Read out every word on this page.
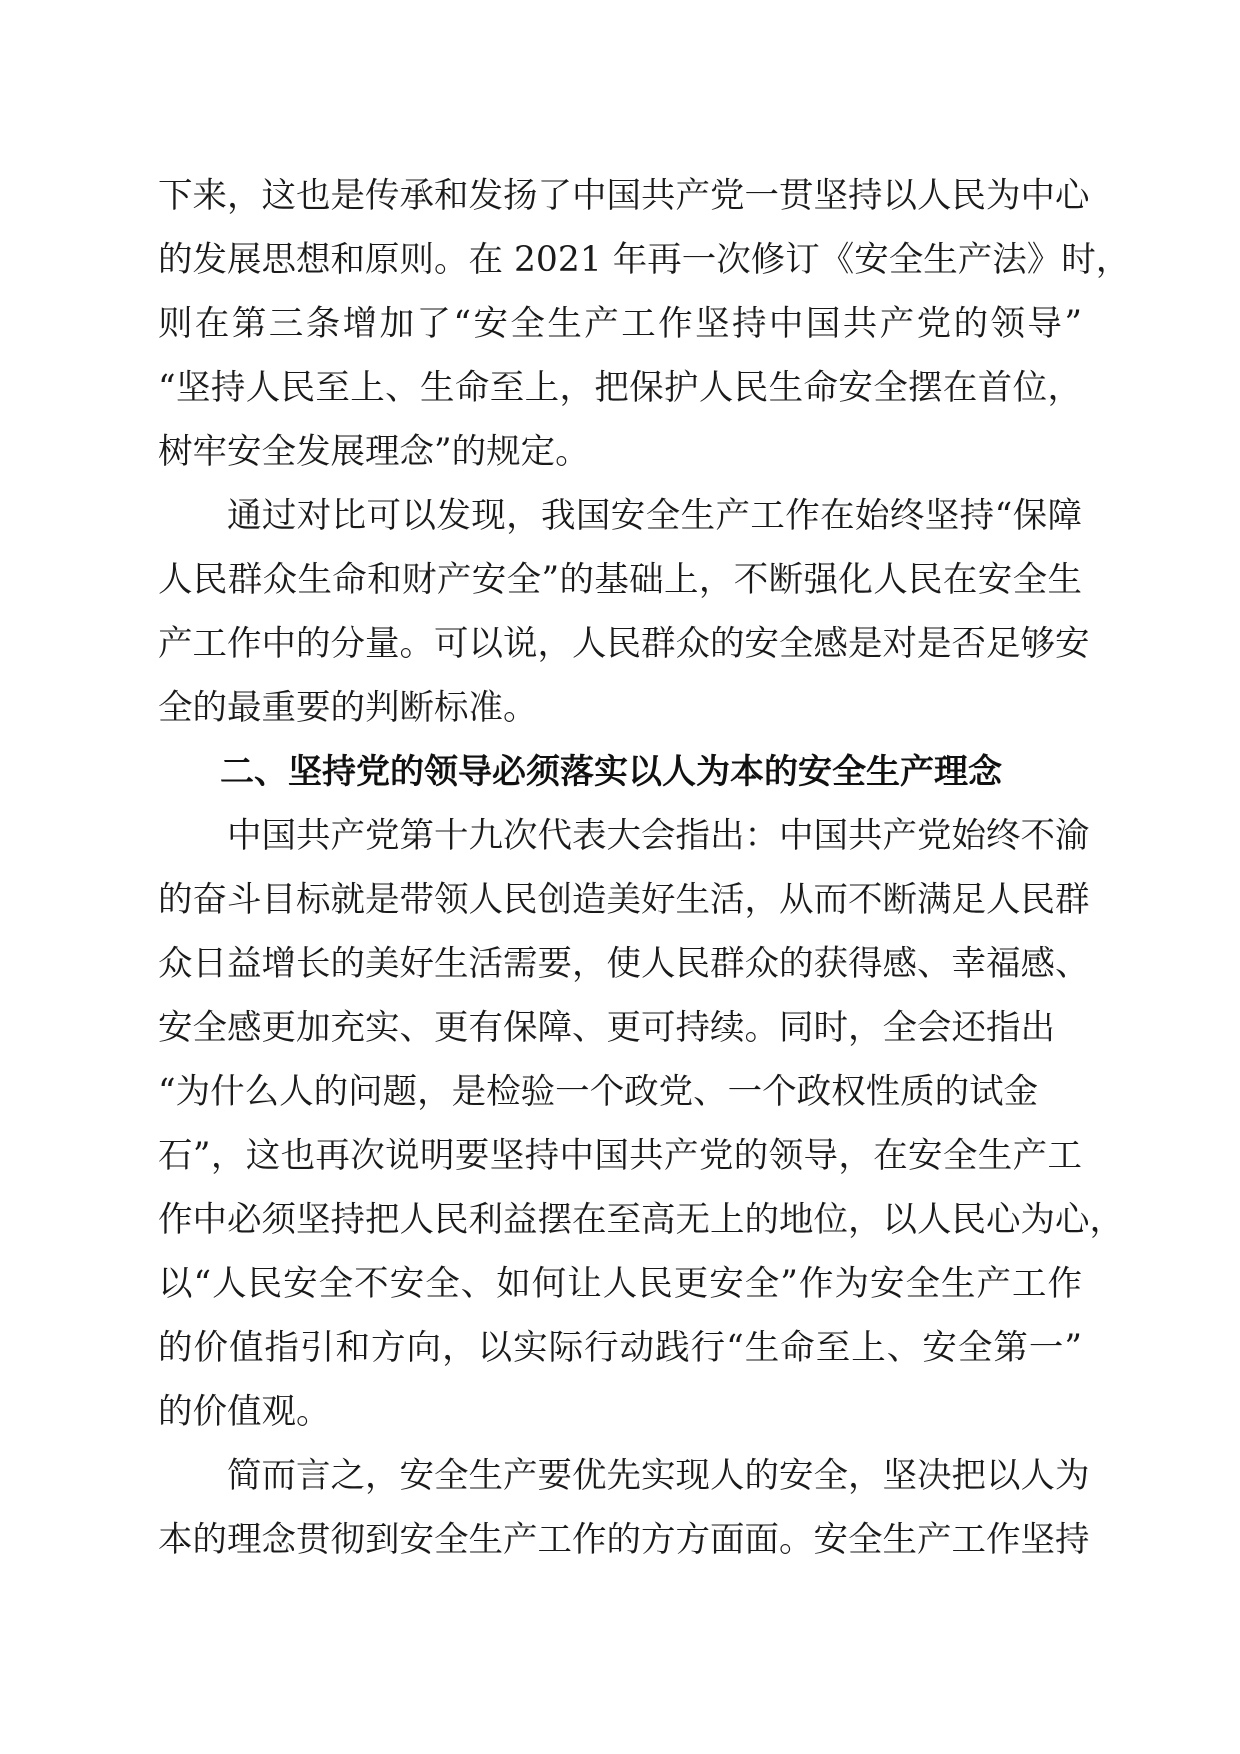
下来，这也是传承和发扬了中国共产党一贯坚持以人民为中心
的发展思想和原则。在 2021 年再一次修订《安全生产法》时，
则在第三条增加了“安全生产工作坚持中国共产党的领导”
“坚持人民至上、生命至上，把保护人民生命安全摆在首位，
树牢安全发展理念”的规定。
通过对比可以发现，我国安全生产工作在始终坚持“保障
人民群众生命和财产安全”的基础上，不断强化人民在安全生
产工作中的分量。可以说，人民群众的安全感是对是否足够安
全的最重要的判断标准。
二、坚持党的领导必须落实以人为本的安全生产理念
中国共产党第十九次代表大会指出：中国共产党始终不渝
的奋斗目标就是带领人民创造美好生活，从而不断满足人民群
众日益增长的美好生活需要，使人民群众的获得感、幸福感、
安全感更加充实、更有保障、更可持续。同时，全会还指出
“为什么人的问题，是检验一个政党、一个政权性质的试金
石”，这也再次说明要坚持中国共产党的领导，在安全生产工
作中必须坚持把人民利益摆在至高无上的地位，以人民心为心，
以“人民安全不安全、如何让人民更安全”作为安全生产工作
的价值指引和方向，以实际行动践行“生命至上、安全第一”
的价值观。
简而言之，安全生产要优先实现人的安全，坚决把以人为
本的理念贯彻到安全生产工作的方方面面。安全生产工作坚持
